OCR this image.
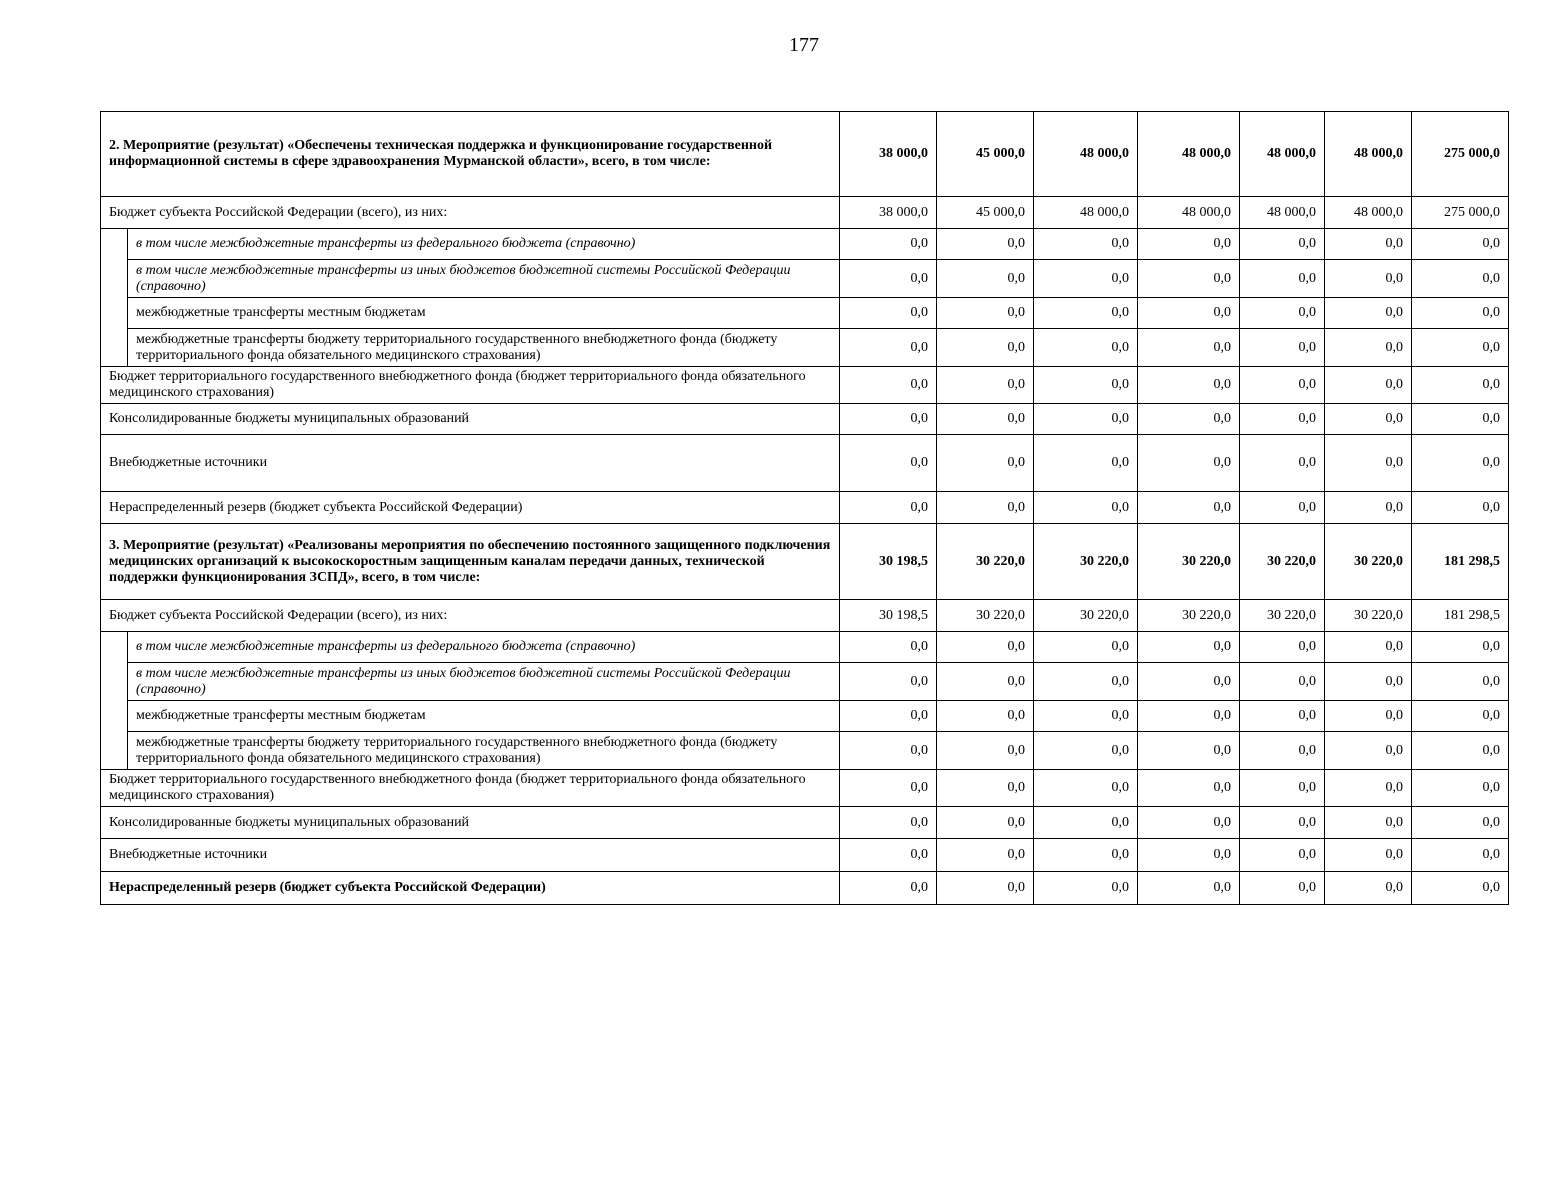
177
2. Мероприятие (результат) «Обеспечены техническая поддержка и функционирование государственной информационной системы в сфере здравоохранения Мурманской области», всего, в том числе:		38 000,0	45 000,0	48 000,0	48 000,0	48 000,0	48 000,0	275 000,0
Бюджет субъекта Российской Федерации (всего), из них:		38 000,0	45 000,0	48 000,0	48 000,0	48 000,0	48 000,0	275 000,0
	в том числе межбюджетные трансферты из федерального бюджета (справочно)	0,0	0,0	0,0	0,0	0,0	0,0	0,0
	в том числе межбюджетные трансферты из иных бюджетов бюджетной системы Российской Федерации (справочно)	0,0	0,0	0,0	0,0	0,0	0,0	0,0
	межбюджетные трансферты местным бюджетам	0,0	0,0	0,0	0,0	0,0	0,0	0,0
	межбюджетные трансферты бюджету территориального государственного внебюджетного фонда (бюджету территориального фонда обязательного медицинского страхования)	0,0	0,0	0,0	0,0	0,0	0,0	0,0
Бюджет территориального государственного внебюджетного фонда (бюджет территориального фонда обязательного медицинского страхования)		0,0	0,0	0,0	0,0	0,0	0,0	0,0
Консолидированные бюджеты муниципальных образований		0,0	0,0	0,0	0,0	0,0	0,0	0,0
Внебюджетные источники		0,0	0,0	0,0	0,0	0,0	0,0	0,0
Нераспределенный резерв (бюджет субъекта Российской Федерации)		0,0	0,0	0,0	0,0	0,0	0,0	0,0
3. Мероприятие (результат) «Реализованы мероприятия по обеспечению постоянного защищенного подключения медицинских организаций к высокоскоростным защищенным каналам передачи данных, технической поддержки функционирования ЗСПД», всего, в том числе:		30 198,5	30 220,0	30 220,0	30 220,0	30 220,0	30 220,0	181 298,5
Бюджет субъекта Российской Федерации (всего), из них:		30 198,5	30 220,0	30 220,0	30 220,0	30 220,0	30 220,0	181 298,5
	в том числе межбюджетные трансферты из федерального бюджета (справочно)	0,0	0,0	0,0	0,0	0,0	0,0	0,0
	в том числе межбюджетные трансферты из иных бюджетов бюджетной системы Российской Федерации (справочно)	0,0	0,0	0,0	0,0	0,0	0,0	0,0
	межбюджетные трансферты местным бюджетам	0,0	0,0	0,0	0,0	0,0	0,0	0,0
	межбюджетные трансферты бюджету территориального государственного внебюджетного фонда (бюджету территориального фонда обязательного медицинского страхования)	0,0	0,0	0,0	0,0	0,0	0,0	0,0
Бюджет территориального государственного внебюджетного фонда (бюджет территориального фонда обязательного медицинского страхования)		0,0	0,0	0,0	0,0	0,0	0,0	0,0
Консолидированные бюджеты муниципальных образований		0,0	0,0	0,0	0,0	0,0	0,0	0,0
Внебюджетные источники		0,0	0,0	0,0	0,0	0,0	0,0	0,0
Нераспределенный резерв (бюджет субъекта Российской Федерации)		0,0	0,0	0,0	0,0	0,0	0,0	0,0
